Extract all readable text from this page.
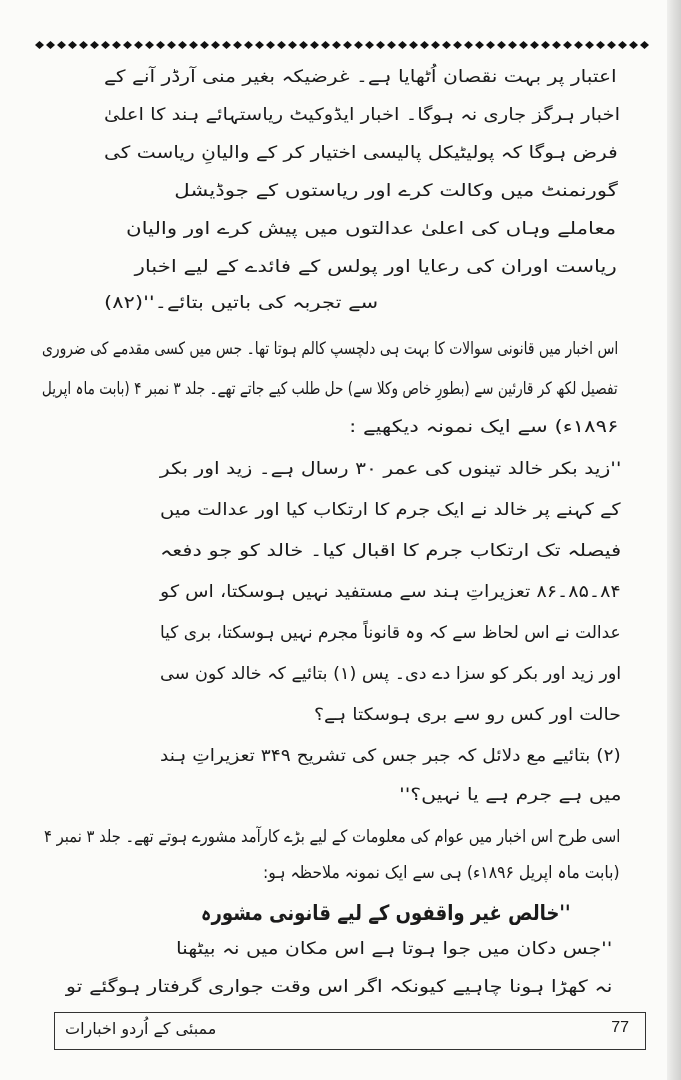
اعتبار پر بہت نقصان اُٹھایا ہے۔ غرضیکہ بغیر منی آرڈر آنے کے
اخبار ہرگز جاری نہ ہوگا۔ اخبار ایڈوکیٹ ریاستہائے ہند کا اعلیٰ
فرض ہوگا کہ پولیٹیکل پالیسی اختیار کر کے والیانِ ریاست کی
گورنمنٹ میں وکالت کرے اور ریاستوں کے جوڈیشل
معاملے وہاں کی اعلیٰ عدالتوں میں پیش کرے اور والیان
ریاست اوران کی رعایا اور پولس کے فائدے کے لیے اخبار
سے تجربہ کی باتیں بتائے۔''(۸۲)
اس اخبار میں قانونی سوالات کا بہت ہی دلچسپ کالم ہوتا تھا۔ جس میں کسی مقدمے کی ضروری
تفصیل لکھ کر قارئین سے (بطورِ خاص وکلا سے) حل طلب کیے جاتے تھے۔ جلد ۳ نمبر ۴ (بابت ماہ اپریل
۱۸۹۶ء) سے ایک نمونہ دیکھیے :
''زید بکر خالد تینوں کی عمر ۳۰ رسال ہے۔ زید اور بکر
کے کہنے پر خالد نے ایک جرم کا ارتکاب کیا اور عدالت میں
فیصلہ تک ارتکاب جرم کا اقبال کیا۔ خالد کو جو دفعہ
۸۴۔۸۵۔۸۶ تعزیراتِ ہند سے مستفید نہیں ہوسکتا، اس کو
عدالت نے اس لحاظ سے کہ وہ قانوناً مجرم نہیں ہوسکتا، بری کیا
اور زید اور بکر کو سزا دے دی۔ پس (۱) بتائیے کہ خالد کون سی
حالت اور کس رو سے بری ہوسکتا ہے؟
(۲) بتائیے مع دلائل کہ جبر جس کی تشریح ۳۴۹ تعزیراتِ ہند
میں ہے جرم ہے یا نہیں؟''
اسی طرح اس اخبار میں عوام کی معلومات کے لیے بڑے کارآمد مشورے ہوتے تھے۔ جلد ۳ نمبر ۴
(بابت ماہ اپریل ۱۸۹۶ء) ہی سے ایک نمونہ ملاحظہ ہو:
''خالص غیر واقفوں کے لیے قانونی مشورہ
''جس دکان میں جوا ہوتا ہے اس مکان میں نہ بیٹھنا
نہ کھڑا ہونا چاہیے کیونکہ اگر اس وقت جواری گرفتار ہوگئے تو
ممبئی کے اُردو اخبارات	77
